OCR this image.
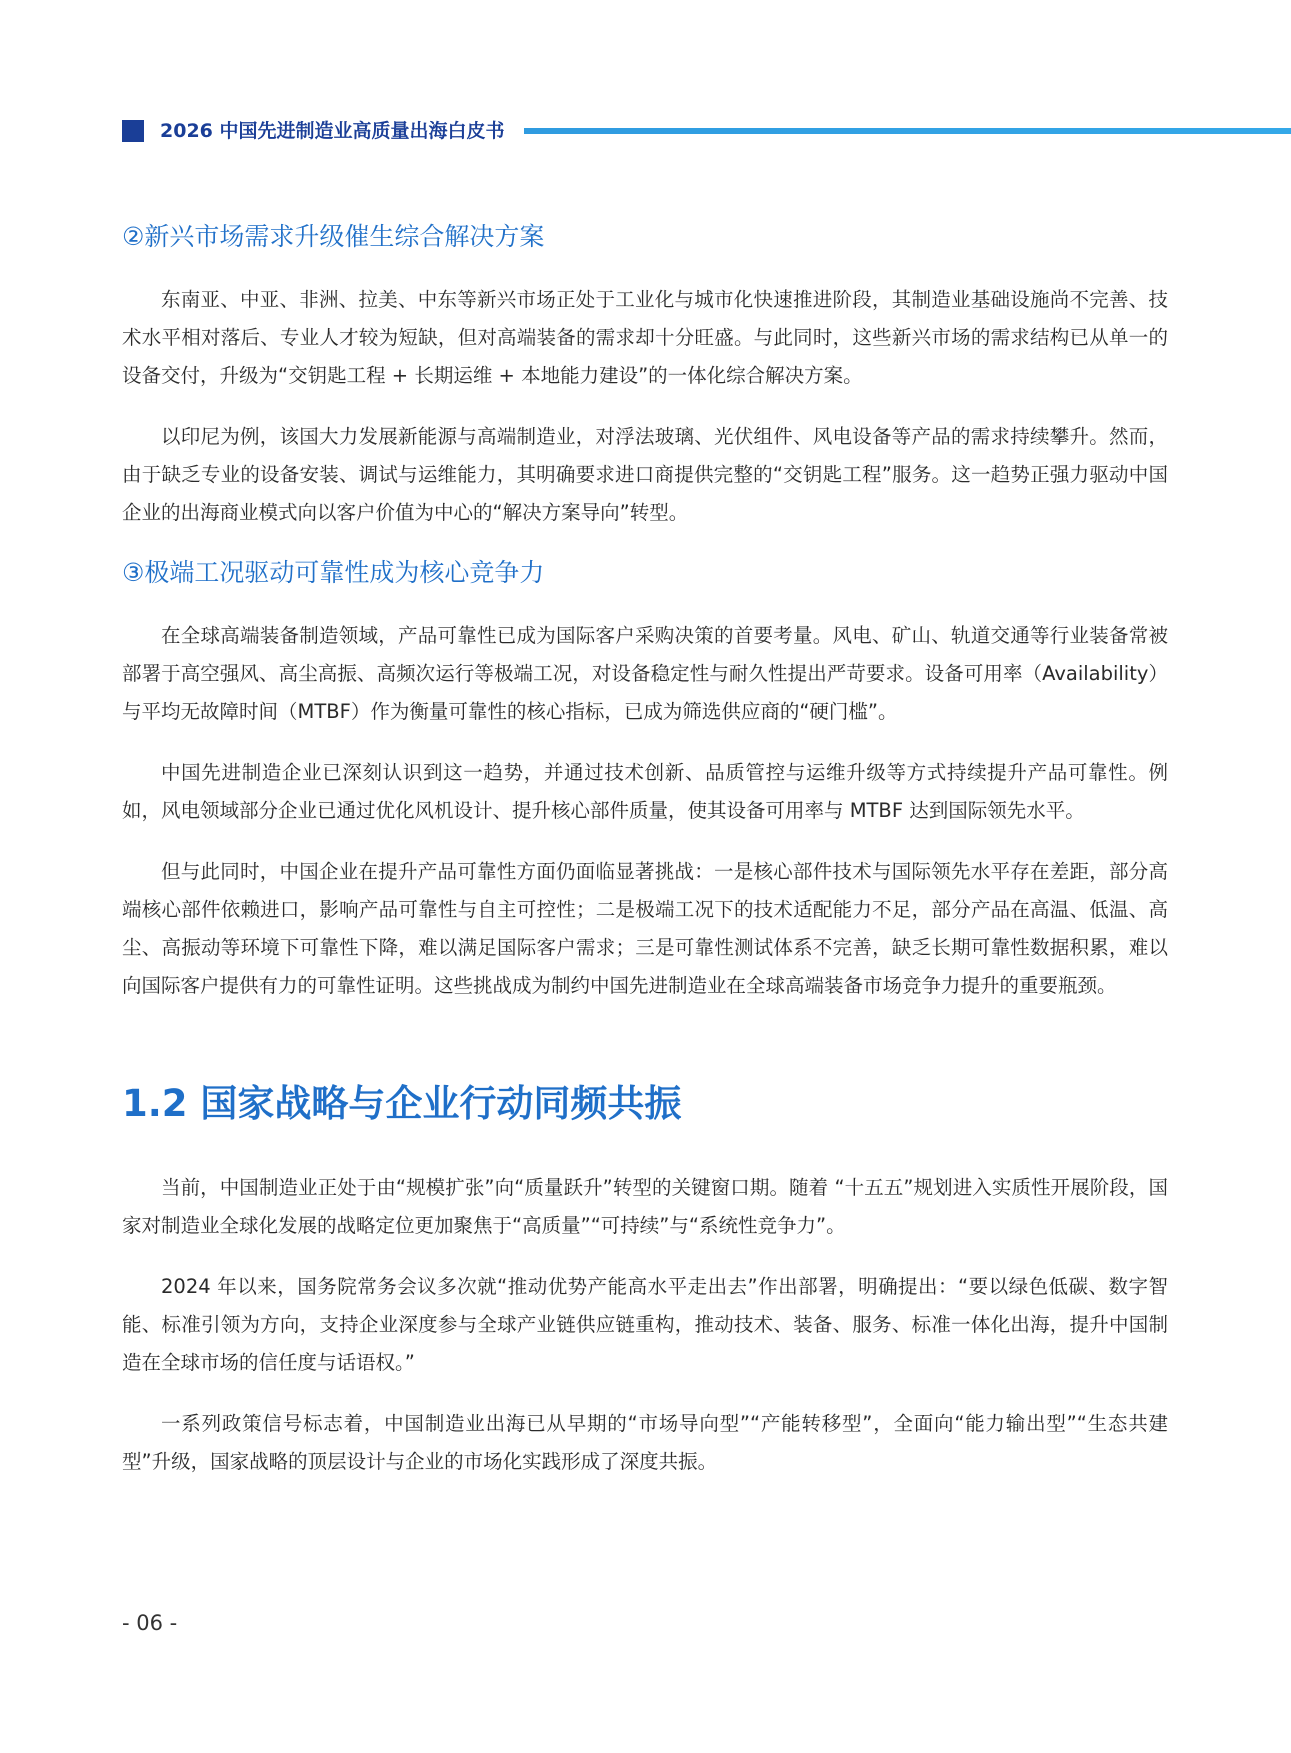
2026 中国先进制造业高质量出海白皮书
②新兴市场需求升级催生综合解决方案

东南亚、中亚、非洲、拉美、中东等新兴市场正处于工业化与城市化快速推进阶段，其制造业基础设施尚不完善、技术水平相对落后、专业人才较为短缺，但对高端装备的需求却十分旺盛。与此同时，这些新兴市场的需求结构已从单一的设备交付，升级为“交钥匙工程 + 长期运维 + 本地能力建设”的一体化综合解决方案。

以印尼为例，该国大力发展新能源与高端制造业，对浮法玻璃、光伏组件、风电设备等产品的需求持续攀升。然而，由于缺乏专业的设备安装、调试与运维能力，其明确要求进口商提供完整的“交钥匙工程”服务。这一趋势正强力驱动中国企业的出海商业模式向以客户价值为中心的“解决方案导向”转型。

③极端工况驱动可靠性成为核心竞争力

在全球高端装备制造领域，产品可靠性已成为国际客户采购决策的首要考量。风电、矿山、轨道交通等行业装备常被部署于高空强风、高尘高振、高频次运行等极端工况，对设备稳定性与耐久性提出严苛要求。设备可用率（Availability）与平均无故障时间（MTBF）作为衡量可靠性的核心指标，已成为筛选供应商的“硬门槛”。

中国先进制造企业已深刻认识到这一趋势，并通过技术创新、品质管控与运维升级等方式持续提升产品可靠性。例如，风电领域部分企业已通过优化风机设计、提升核心部件质量，使其设备可用率与 MTBF 达到国际领先水平。

但与此同时，中国企业在提升产品可靠性方面仍面临显著挑战：一是核心部件技术与国际领先水平存在差距，部分高端核心部件依赖进口，影响产品可靠性与自主可控性；二是极端工况下的技术适配能力不足，部分产品在高温、低温、高尘、高振动等环境下可靠性下降，难以满足国际客户需求；三是可靠性测试体系不完善，缺乏长期可靠性数据积累，难以向国际客户提供有力的可靠性证明。这些挑战成为制约中国先进制造业在全球高端装备市场竞争力提升的重要瓶颈。

1.2 国家战略与企业行动同频共振

当前，中国制造业正处于由“规模扩张”向“质量跃升”转型的关键窗口期。随着 “十五五”规划进入实质性开展阶段，国家对制造业全球化发展的战略定位更加聚焦于“高质量”“可持续”与“系统性竞争力”。

2024 年以来，国务院常务会议多次就“推动优势产能高水平走出去”作出部署，明确提出：“要以绿色低碳、数字智能、标准引领为方向，支持企业深度参与全球产业链供应链重构，推动技术、装备、服务、标准一体化出海，提升中国制造在全球市场的信任度与话语权。”

一系列政策信号标志着，中国制造业出海已从早期的“市场导向型”“产能转移型”，全面向“能力输出型”“生态共建型”升级，国家战略的顶层设计与企业的市场化实践形成了深度共振。

- 06 -
